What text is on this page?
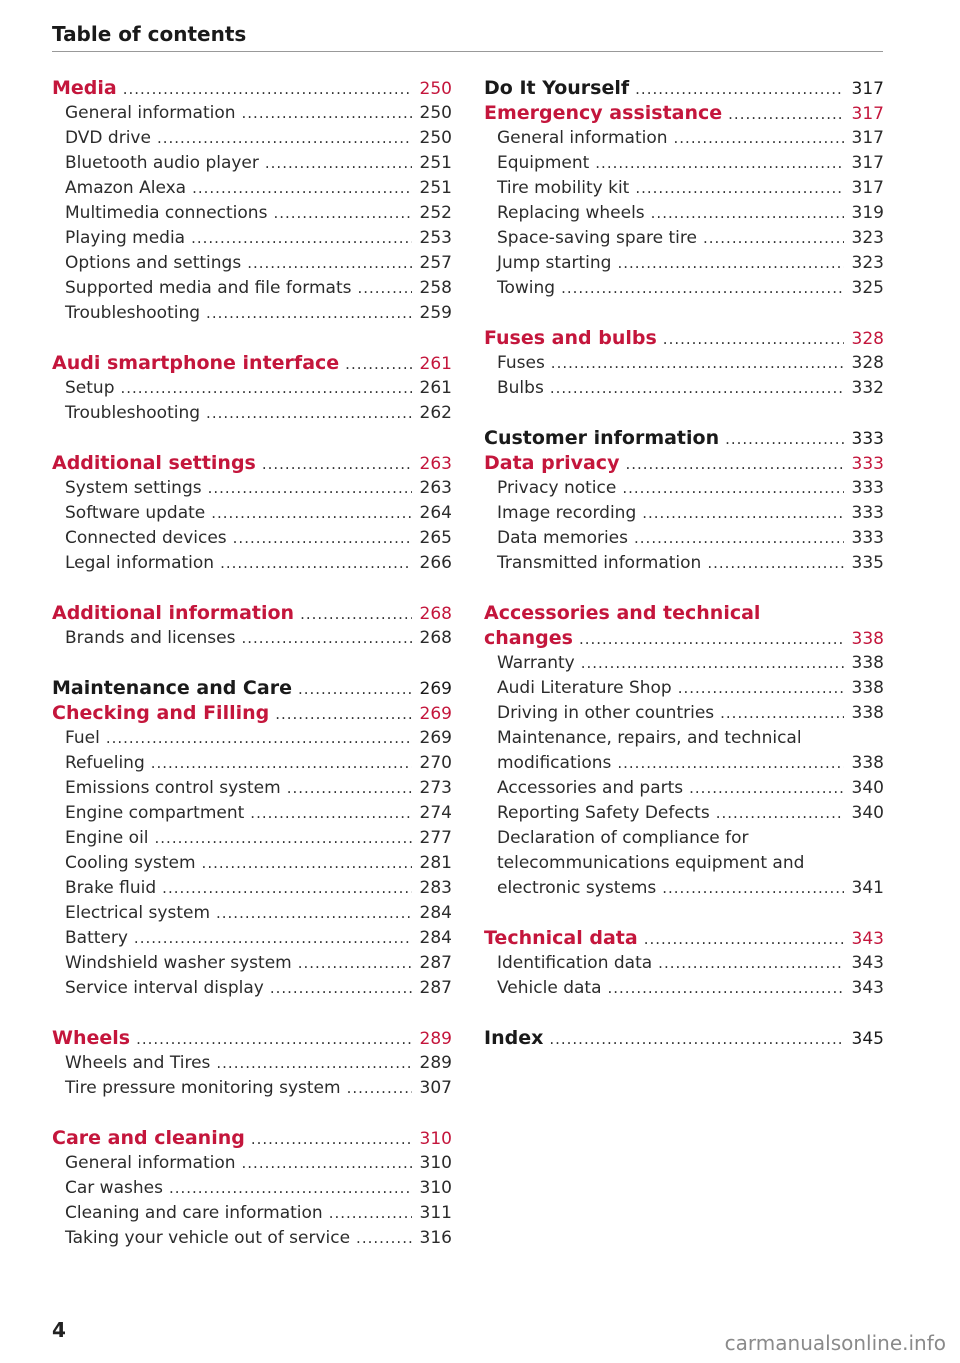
Table of contents
Media .....	250
General information .....	250
DVD drive .....	250
Bluetooth audio player .....	251
Amazon Alexa .....	251
Multimedia connections .....	252
Playing media .....	253
Options and settings .....	257
Supported media and file formats .....	258
Troubleshooting .....	259
Audi smartphone interface .....	261
Setup .....	261
Troubleshooting .....	262
Additional settings .....	263
System settings .....	263
Software update .....	264
Connected devices .....	265
Legal information .....	266
Additional information .....	268
Brands and licenses .....	268
Maintenance and Care .....	269
Checking and Filling .....	269
Fuel .....	269
Refueling .....	270
Emissions control system .....	273
Engine compartment .....	274
Engine oil .....	277
Cooling system .....	281
Brake fluid .....	283
Electrical system .....	284
Battery .....	284
Windshield washer system .....	287
Service interval display .....	287
Wheels .....	289
Wheels and Tires .....	289
Tire pressure monitoring system .....	307
Care and cleaning .....	310
General information .....	310
Car washes .....	310
Cleaning and care information .....	311
Taking your vehicle out of service .....	316
Do It Yourself .....	317
Emergency assistance .....	317
General information .....	317
Equipment .....	317
Tire mobility kit .....	317
Replacing wheels .....	319
Space-saving spare tire .....	323
Jump starting .....	323
Towing .....	325
Fuses and bulbs .....	328
Fuses .....	328
Bulbs .....	332
Customer information .....	333
Data privacy .....	333
Privacy notice .....	333
Image recording .....	333
Data memories .....	333
Transmitted information .....	335
Accessories and technical
changes .....	338
Warranty .....	338
Audi Literature Shop .....	338
Driving in other countries .....	338
Maintenance, repairs, and technical
modifications .....	338
Accessories and parts .....	340
Reporting Safety Defects .....	340
Declaration of compliance for
telecommunications equipment and
electronic systems .....	341
Technical data .....	343
Identification data .....	343
Vehicle data .....	343
Index .....	345
4
carmanualsonline.info
